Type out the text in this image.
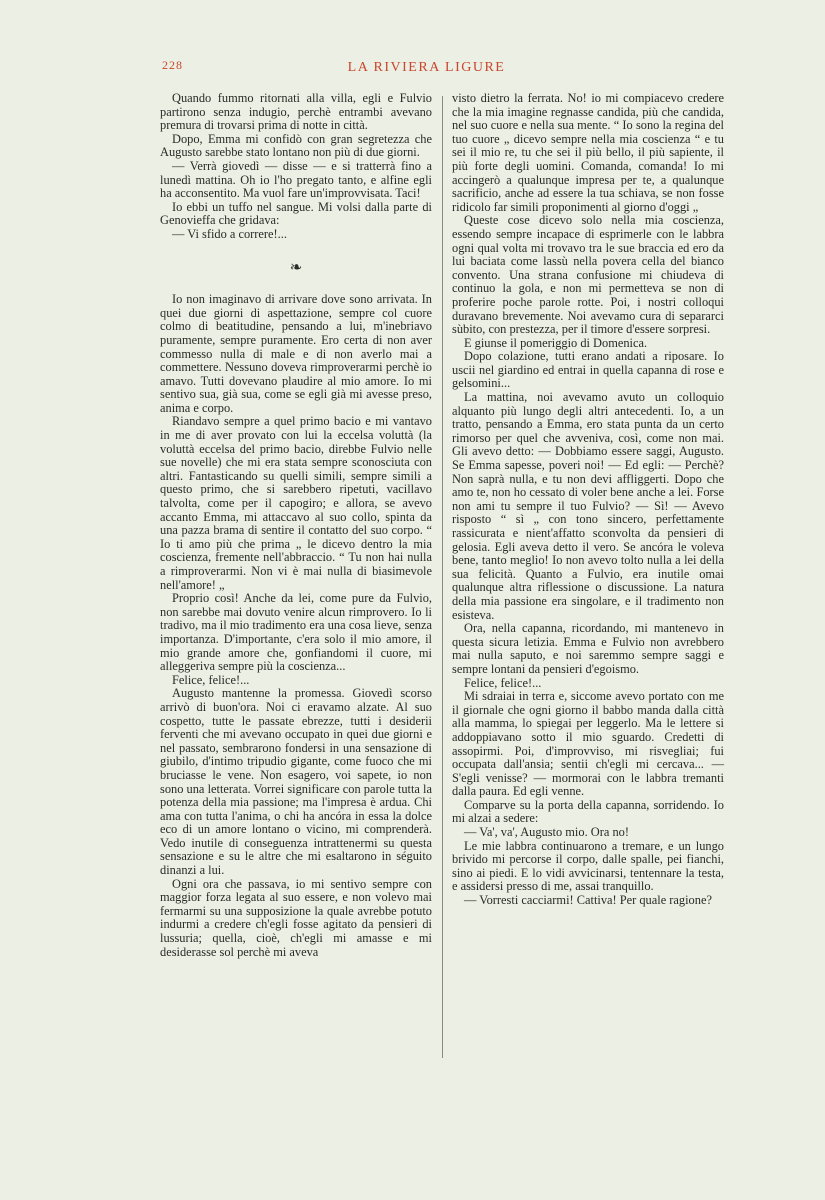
228	LA RIVIERA LIGURE

Quando fummo ritornati alla villa, egli e Fulvio partirono senza indugio, perchè entrambi avevano premura di trovarsi prima di notte in città.

Dopo, Emma mi confidò con gran segretezza che Augusto sarebbe stato lontano non più di due giorni.

— Verrà giovedì — disse — e si tratterrà fino a lunedì mattina. Oh io l'ho pregato tanto, e alfine egli ha acconsentito. Ma vuol fare un'improvvisata. Taci!

Io ebbi un tuffo nel sangue. Mi volsi dalla parte di Genovieffa che gridava:

— Vi sfido a correre!...

❧

Io non imaginavo di arrivare dove sono arrivata. In quei due giorni di aspettazione, sempre col cuore colmo di beatitudine, pensando a lui, m'inebriavo puramente, sempre puramente. Ero certa di non aver commesso nulla di male e di non averlo mai a commettere. Nessuno doveva rimproverarmi perchè io amavo. Tutti dovevano plaudire al mio amore. Io mi sentivo sua, già sua, come se egli già mi avesse preso, anima e corpo.

Riandavo sempre a quel primo bacio e mi vantavo in me di aver provato con lui la eccelsa voluttà (la voluttà eccelsa del primo bacio, direbbe Fulvio nelle sue novelle) che mi era stata sempre sconosciuta con altri. Fantasticando su quelli simili, sempre simili a questo primo, che si sarebbero ripetuti, vacillavo talvolta, come per il capogiro; e allora, se avevo accanto Emma, mi attaccavo al suo collo, spinta da una pazza brama di sentire il contatto del suo corpo. “ Io ti amo più che prima „ le dicevo dentro la mia coscienza, fremente nell'abbraccio. “ Tu non hai nulla a rimproverarmi. Non vi è mai nulla di biasimevole nell'amore! „

Proprio così! Anche da lei, come pure da Fulvio, non sarebbe mai dovuto venire alcun rimprovero. Io li tradivo, ma il mio tradimento era una cosa lieve, senza importanza. D'importante, c'era solo il mio amore, il mio grande amore che, gonfiandomi il cuore, mi alleggeriva sempre più la coscienza...

Felice, felice!...

Augusto mantenne la promessa. Giovedì scorso arrivò di buon'ora. Noi ci eravamo alzate. Al suo cospetto, tutte le passate ebrezze, tutti i desiderii ferventi che mi avevano occupato in quei due giorni e nel passato, sembrarono fondersi in una sensazione di giubilo, d'intimo tripudio gigante, come fuoco che mi bruciasse le vene. Non esagero, voi sapete, io non sono una letterata. Vorrei significare con parole tutta la potenza della mia passione; ma l'impresa è ardua. Chi ama con tutta l'anima, o chi ha ancóra in essa la dolce eco di un amore lontano o vicino, mi comprenderà. Vedo inutile di conseguenza intrattenermi su questa sensazione e su le altre che mi esaltarono in séguito dinanzi a lui.

Ogni ora che passava, io mi sentivo sempre con maggior forza legata al suo essere, e non volevo mai fermarmi su una supposizione la quale avrebbe potuto indurmi a credere ch'egli fosse agitato da pensieri di lussuria; quella, cioè, ch'egli mi amasse e mi desiderasse sol perchè mi aveva

visto dietro la ferrata. No! io mi compiacevo credere che la mia imagine regnasse candida, più che candida, nel suo cuore e nella sua mente. “ Io sono la regina del tuo cuore „ dicevo sempre nella mia coscienza “ e tu sei il mio re, tu che sei il più bello, il più sapiente, il più forte degli uomini. Comanda, comanda! Io mi accingerò a qualunque impresa per te, a qualunque sacrificio, anche ad essere la tua schiava, se non fosse ridicolo far simili proponimenti al giorno d'oggi „

Queste cose dicevo solo nella mia coscienza, essendo sempre incapace di esprimerle con le labbra ogni qual volta mi trovavo tra le sue braccia ed ero da lui baciata come lassù nella povera cella del bianco convento. Una strana confusione mi chiudeva di continuo la gola, e non mi permetteva se non di proferire poche parole rotte. Poi, i nostri colloqui duravano brevemente. Noi avevamo cura di separarci sùbito, con prestezza, per il timore d'essere sorpresi.

E giunse il pomeriggio di Domenica.

Dopo colazione, tutti erano andati a riposare. Io uscii nel giardino ed entrai in quella capanna di rose e gelsomini...

La mattina, noi avevamo avuto un colloquio alquanto più lungo degli altri antecedenti. Io, a un tratto, pensando a Emma, ero stata punta da un certo rimorso per quel che avveniva, così, come non mai. Gli avevo detto: — Dobbiamo essere saggi, Augusto. Se Emma sapesse, poveri noi! — Ed egli: — Perchè? Non saprà nulla, e tu non devi affliggerti. Dopo che amo te, non ho cessato di voler bene anche a lei. Forse non ami tu sempre il tuo Fulvio? — Sì! — Avevo risposto “ sì „ con tono sincero, perfettamente rassicurata e nient'affatto sconvolta da pensieri di gelosia. Egli aveva detto il vero. Se ancóra le voleva bene, tanto meglio! Io non avevo tolto nulla a lei della sua felicità. Quanto a Fulvio, era inutile omai qualunque altra riflessione o discussione. La natura della mia passione era singolare, e il tradimento non esisteva.

Ora, nella capanna, ricordando, mi mantenevo in questa sicura letizia. Emma e Fulvio non avrebbero mai nulla saputo, e noi saremmo sempre saggi e sempre lontani da pensieri d'egoismo.

Felice, felice!...

Mi sdraiai in terra e, siccome avevo portato con me il giornale che ogni giorno il babbo manda dalla città alla mamma, lo spiegai per leggerlo. Ma le lettere si addoppiavano sotto il mio sguardo. Credetti di assopirmi. Poi, d'improvviso, mi risvegliai; fui occupata dall'ansia; sentii ch'egli mi cercava... — S'egli venisse? — mormorai con le labbra tremanti dalla paura. Ed egli venne.

Comparve su la porta della capanna, sorridendo. Io mi alzai a sedere:

— Va', va', Augusto mio. Ora no!

Le mie labbra continuarono a tremare, e un lungo brivido mi percorse il corpo, dalle spalle, pei fianchi, sino ai piedi. E lo vidi avvicinarsi, tentennare la testa, e assidersi presso di me, assai tranquillo.

— Vorresti cacciarmi! Cattiva! Per quale ragione?
